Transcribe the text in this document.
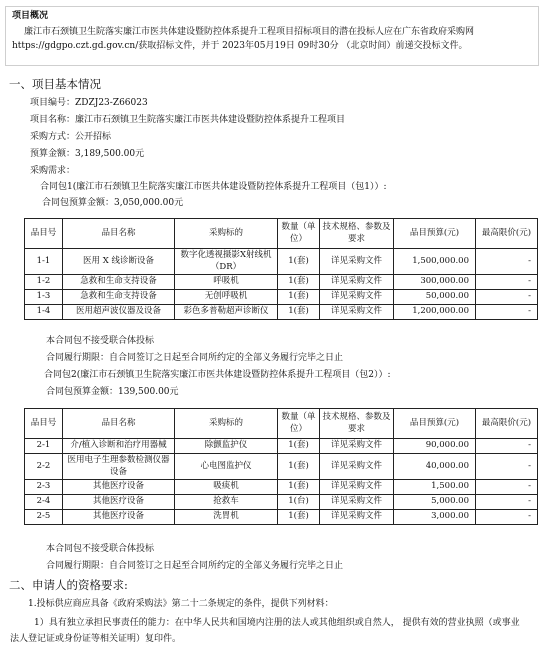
项目概况
廉江市石颈镇卫生院落实廉江市医共体建设暨防控体系提升工程项目招标项目的潜在投标人应在广东省政府采购网https://gdgpo.czt.gd.gov.cn/获取招标文件，并于 2023年05月19日 09时30分 （北京时间）前递交投标文件。
一、项目基本情况
项目编号：ZDZJ23-Z66023
项目名称：廉江市石颈镇卫生院落实廉江市医共体建设暨防控体系提升工程项目
采购方式：公开招标
预算金额：3,189,500.00元
采购需求：
合同包1(廉江市石颈镇卫生院落实廉江市医共体建设暨防控体系提升工程项目（包1））:
合同包预算金额：3,050,000.00元
品目号	品目名称	采购标的	数量（单位）	技术规格、参数及要求	品目预算(元)	最高限价(元)
1-1	医用 X 线诊断设备	数字化透视摄影X射线机（DR）	1(套)	详见采购文件	1,500,000.00	-
1-2	急救和生命支持设备	呼吸机	1(套)	详见采购文件	300,000.00	-
1-3	急救和生命支持设备	无创呼吸机	1(套)	详见采购文件	50,000.00	-
1-4	医用超声波仪器及设备	彩色多普勒超声诊断仪	1(套)	详见采购文件	1,200,000.00	-
本合同包不接受联合体投标
合同履行期限：自合同签订之日起至合同所约定的全部义务履行完毕之日止
合同包2(廉江市石颈镇卫生院落实廉江市医共体建设暨防控体系提升工程项目（包2））:
合同包预算金额：139,500.00元
品目号	品目名称	采购标的	数量（单位）	技术规格、参数及要求	品目预算(元)	最高限价(元)
2-1	介/植入诊断和治疗用器械	除颤监护仪	1(套)	详见采购文件	90,000.00	-
2-2	医用电子生理参数检测仪器设备	心电图监护仪	1(套)	详见采购文件	40,000.00	-
2-3	其他医疗设备	吸痰机	1(套)	详见采购文件	1,500.00	-
2-4	其他医疗设备	抢救车	1(台)	详见采购文件	5,000.00	-
2-5	其他医疗设备	洗胃机	1(套)	详见采购文件	3,000.00	-
本合同包不接受联合体投标
合同履行期限：自合同签订之日起至合同所约定的全部义务履行完毕之日止
二、申请人的资格要求:
1.投标供应商应具备《政府采购法》第二十二条规定的条件，提供下列材料：
1）具有独立承担民事责任的能力：在中华人民共和国境内注册的法人或其他组织或自然人， 提供有效的营业执照（或事业
法人登记证或身份证等相关证明）复印件。
